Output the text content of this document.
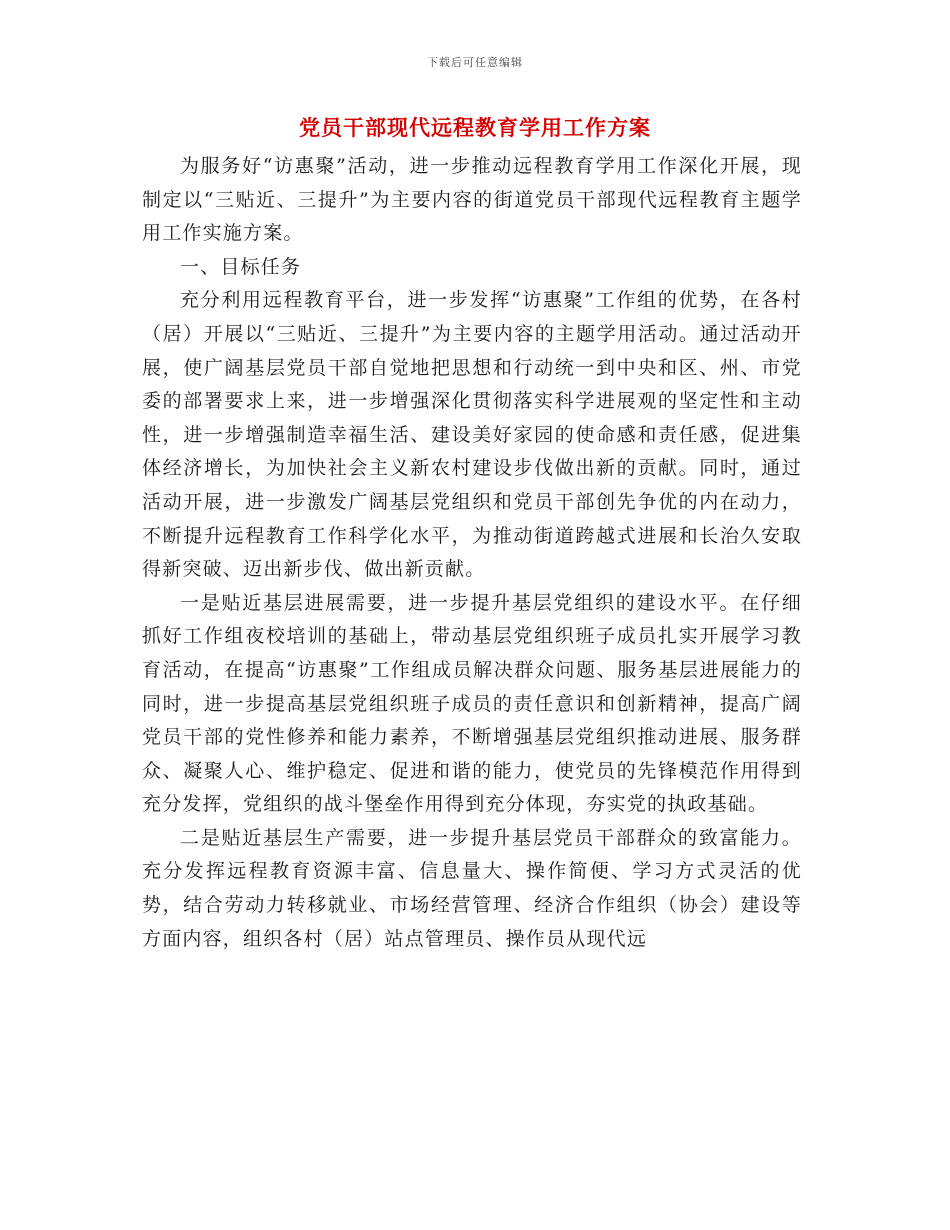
下载后可任意编辑
党员干部现代远程教育学用工作方案

为服务好“访惠聚”活动，进一步推动远程教育学用工作深化开展，现制定以“三贴近、三提升”为主要内容的街道党员干部现代远程教育主题学用工作实施方案。

一、目标任务

充分利用远程教育平台，进一步发挥“访惠聚”工作组的优势，在各村（居）开展以“三贴近、三提升”为主要内容的主题学用活动。通过活动开展，使广阔基层党员干部自觉地把思想和行动统一到中央和区、州、市党委的部署要求上来，进一步增强深化贯彻落实科学进展观的坚定性和主动性，进一步增强制造幸福生活、建设美好家园的使命感和责任感，促进集体经济增长，为加快社会主义新农村建设步伐做出新的贡献。同时，通过活动开展，进一步激发广阔基层党组织和党员干部创先争优的内在动力，不断提升远程教育工作科学化水平，为推动街道跨越式进展和长治久安取得新突破、迈出新步伐、做出新贡献。

一是贴近基层进展需要，进一步提升基层党组织的建设水平。在仔细抓好工作组夜校培训的基础上，带动基层党组织班子成员扎实开展学习教育活动，在提高“访惠聚”工作组成员解决群众问题、服务基层进展能力的同时，进一步提高基层党组织班子成员的责任意识和创新精神，提高广阔党员干部的党性修养和能力素养，不断增强基层党组织推动进展、服务群众、凝聚人心、维护稳定、促进和谐的能力，使党员的先锋模范作用得到充分发挥，党组织的战斗堡垒作用得到充分体现，夯实党的执政基础。

二是贴近基层生产需要，进一步提升基层党员干部群众的致富能力。充分发挥远程教育资源丰富、信息量大、操作简便、学习方式灵活的优势，结合劳动力转移就业、市场经营管理、经济合作组织（协会）建设等方面内容，组织各村（居）站点管理员、操作员从现代远
